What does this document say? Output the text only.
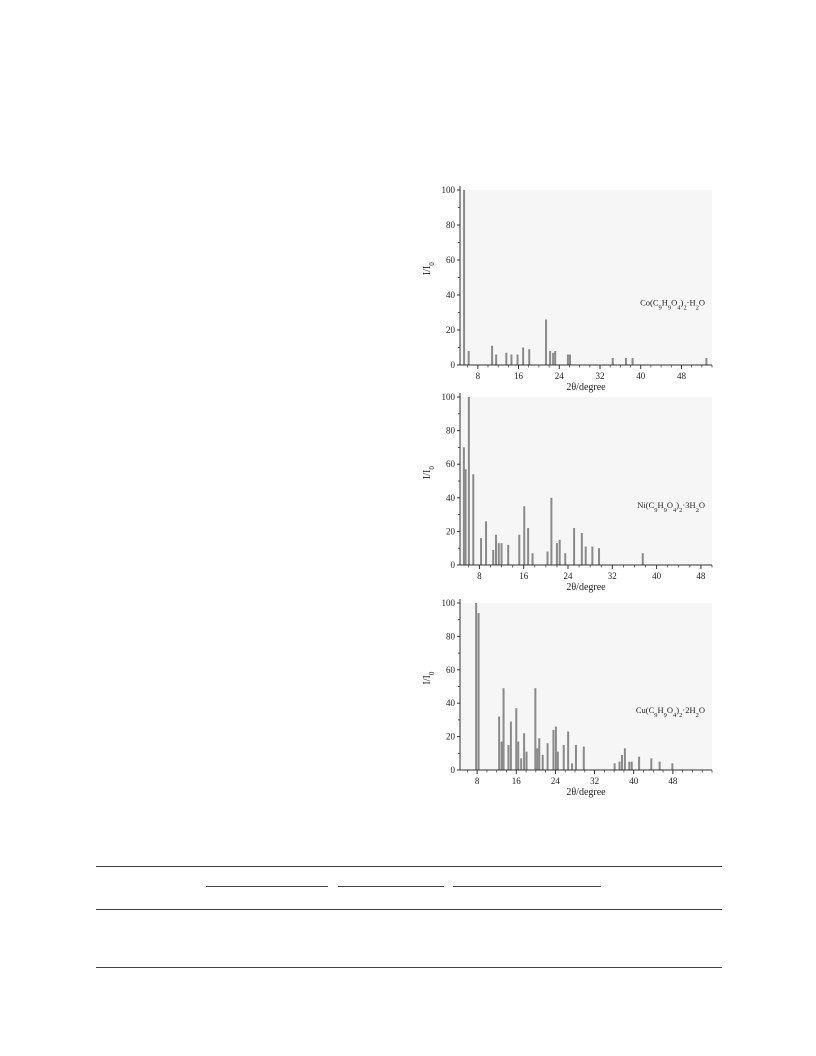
$Co(C_9H_9O_4)_2\cdot H_2O$
2θ/degree
$I/I_0$
0
20
40
60
80
100
8	16	24	32	40	48
$Ni(C_9H_9O_4)_2\cdot 3H_2O$
2θ/degree
$I/I_0$
0
20
40
60
80
100
8	16	24	32	40	48
$Cu(C_9H_9O_4)_2\cdot 2H_2O$
2θ/degree
$I/I_0$
0
20
40
60
80
100
8	16	24	32	40	48
